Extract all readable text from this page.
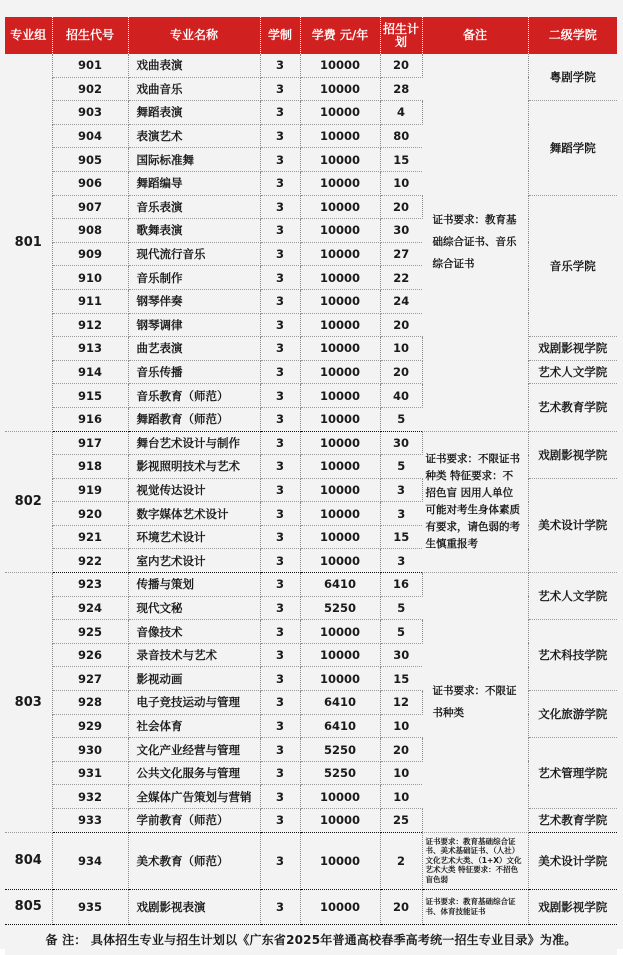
专业组	招生代号	专业名称	学制	学费 元/年	招生计划	备注	二级学院
801	901	戏曲表演	3	10000	20	证书要求：教育基础综合证书、音乐综合证书	粤剧学院
	902	戏曲音乐	3	10000	28		
	903	舞蹈表演	3	10000	4		舞蹈学院
	904	表演艺术	3	10000	80		
	905	国际标准舞	3	10000	15		
	906	舞蹈编导	3	10000	10		
	907	音乐表演	3	10000	20		音乐学院
	908	歌舞表演	3	10000	30		
	909	现代流行音乐	3	10000	27		
	910	音乐制作	3	10000	22		
	911	钢琴伴奏	3	10000	24		
	912	钢琴调律	3	10000	20		
	913	曲艺表演	3	10000	10		戏剧影视学院
	914	音乐传播	3	10000	20		艺术人文学院
	915	音乐教育（师范）	3	10000	40		艺术教育学院
	916	舞蹈教育（师范）	3	10000	5		
802	917	舞台艺术设计与制作	3	10000	30	证书要求：不限证书种类 特征要求：不招色盲 因用人单位可能对考生身体素质有要求，请色弱的考生慎重报考	戏剧影视学院
	918	影视照明技术与艺术	3	10000	5		
	919	视觉传达设计	3	10000	3		美术设计学院
	920	数字媒体艺术设计	3	10000	3		
	921	环境艺术设计	3	10000	15		
	922	室内艺术设计	3	10000	3		
803	923	传播与策划	3	6410	16	证书要求：不限证书种类	艺术人文学院
	924	现代文秘	3	5250	5		
	925	音像技术	3	10000	5		艺术科技学院
	926	录音技术与艺术	3	10000	30		
	927	影视动画	3	10000	15		
	928	电子竞技运动与管理	3	6410	12		文化旅游学院
	929	社会体育	3	6410	10		
	930	文化产业经营与管理	3	5250	20		艺术管理学院
	931	公共文化服务与管理	3	5250	10		
	932	全媒体广告策划与营销	3	10000	10		
	933	学前教育（师范）	3	10000	25		艺术教育学院
804	934	美术教育（师范）	3	10000	2	证书要求：教育基础综合证书、美术基础证书、（人社）文化艺术大类、（1+X）文化艺术大类 特征要求：不招色盲色弱	美术设计学院
805	935	戏剧影视表演	3	10000	20	证书要求：教育基础综合证书、体育技能证书	戏剧影视学院
备 注： 具体招生专业与招生计划以《广东省2025年普通高校春季高考统一招生专业目录》为准。							
